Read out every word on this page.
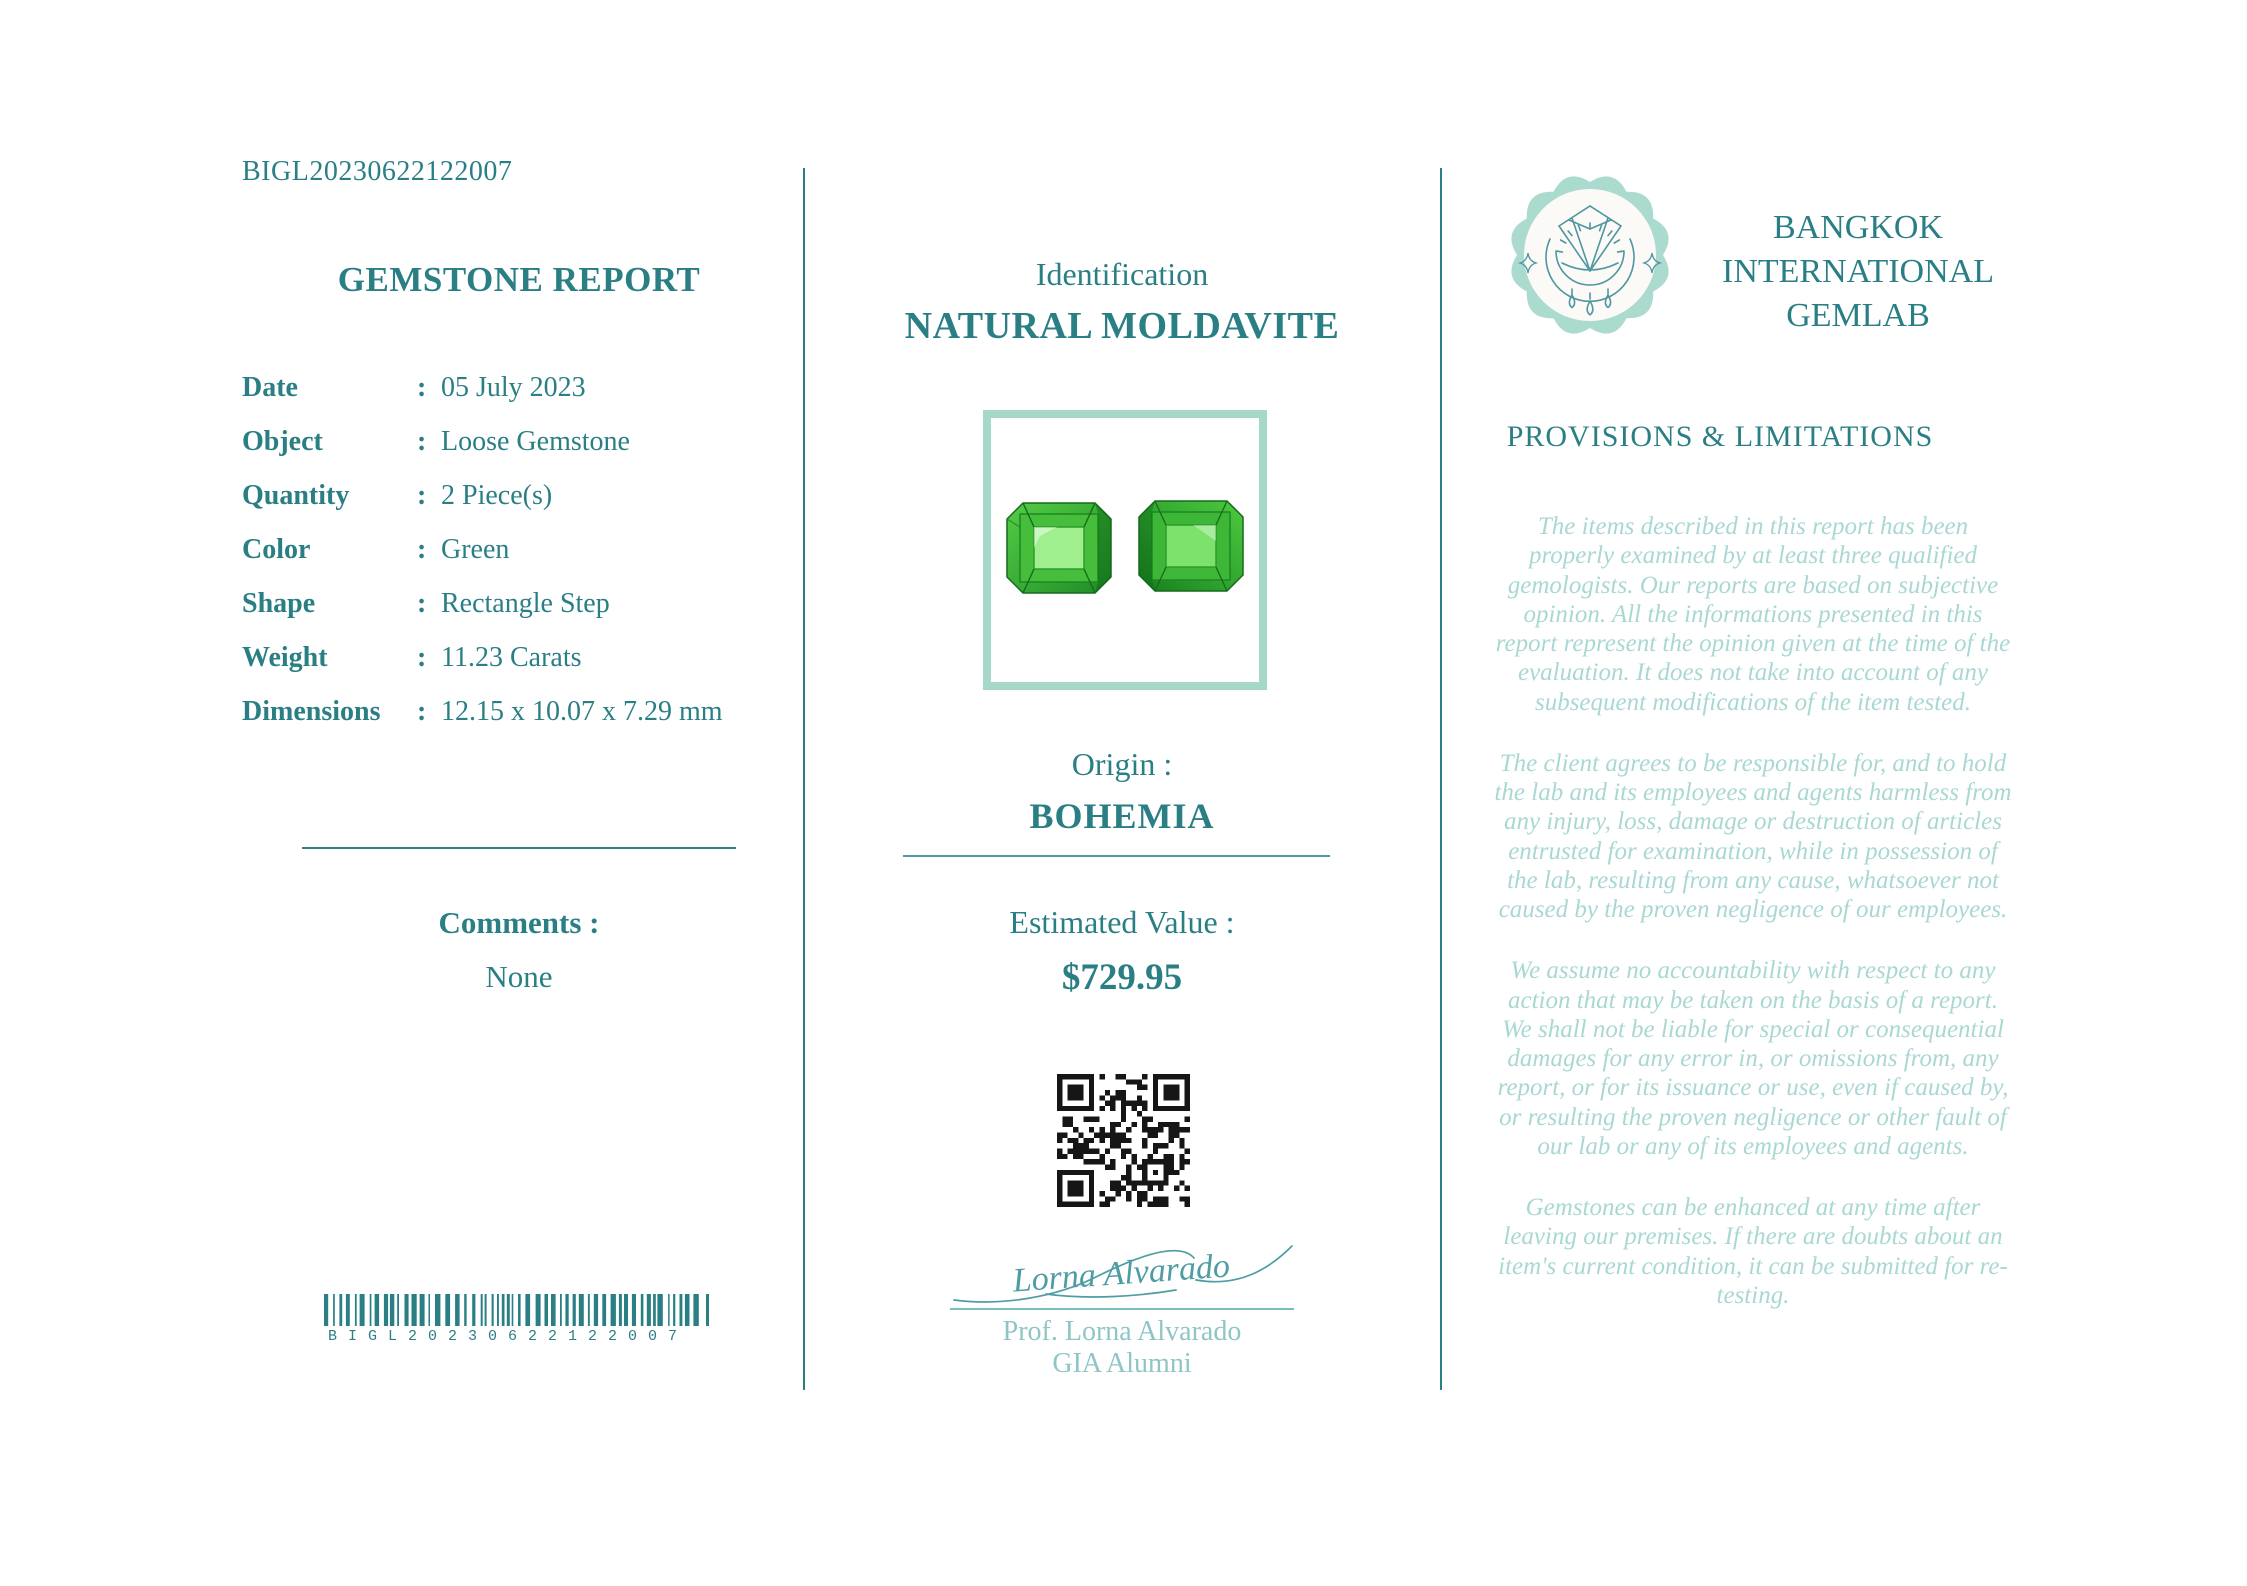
BIGL20230622122007
GEMSTONE REPORT
Date	: 05 July 2023
Object	: Loose Gemstone
Quantity : 2 Piece(s)
Color	: Green
Shape	: Rectangle Step
Weight	: 11.23 Carats
Dimensions : 12.15 x 10.07 x 7.29 mm
Comments :
None
BIGL20230622122007
Identification
NATURAL MOLDAVITE
Origin :
BOHEMIA
Estimated Value :
$729.95
Lorna Alvarado
Prof. Lorna Alvarado
GIA Alumni
BANGKOK
INTERNATIONAL
GEMLAB
PROVISIONS & LIMITATIONS

The items described in this report has been properly examined by at least three qualified gemologists. Our reports are based on subjective opinion. All the informations presented in this report represent the opinion given at the time of the evaluation. It does not take into account of any subsequent modifications of the item tested.

The client agrees to be responsible for, and to hold the lab and its employees and agents harmless from any injury, loss, damage or destruction of articles entrusted for examination, while in possession of the lab, resulting from any cause, whatsoever not caused by the proven negligence of our employees.

We assume no accountability with respect to any action that may be taken on the basis of a report. We shall not be liable for special or consequential damages for any error in, or omissions from, any report, or for its issuance or use, even if caused by, or resulting the proven negligence or other fault of our lab or any of its employees and agents.

Gemstones can be enhanced at any time after leaving our premises. If there are doubts about an item's current condition, it can be submitted for re-testing.
